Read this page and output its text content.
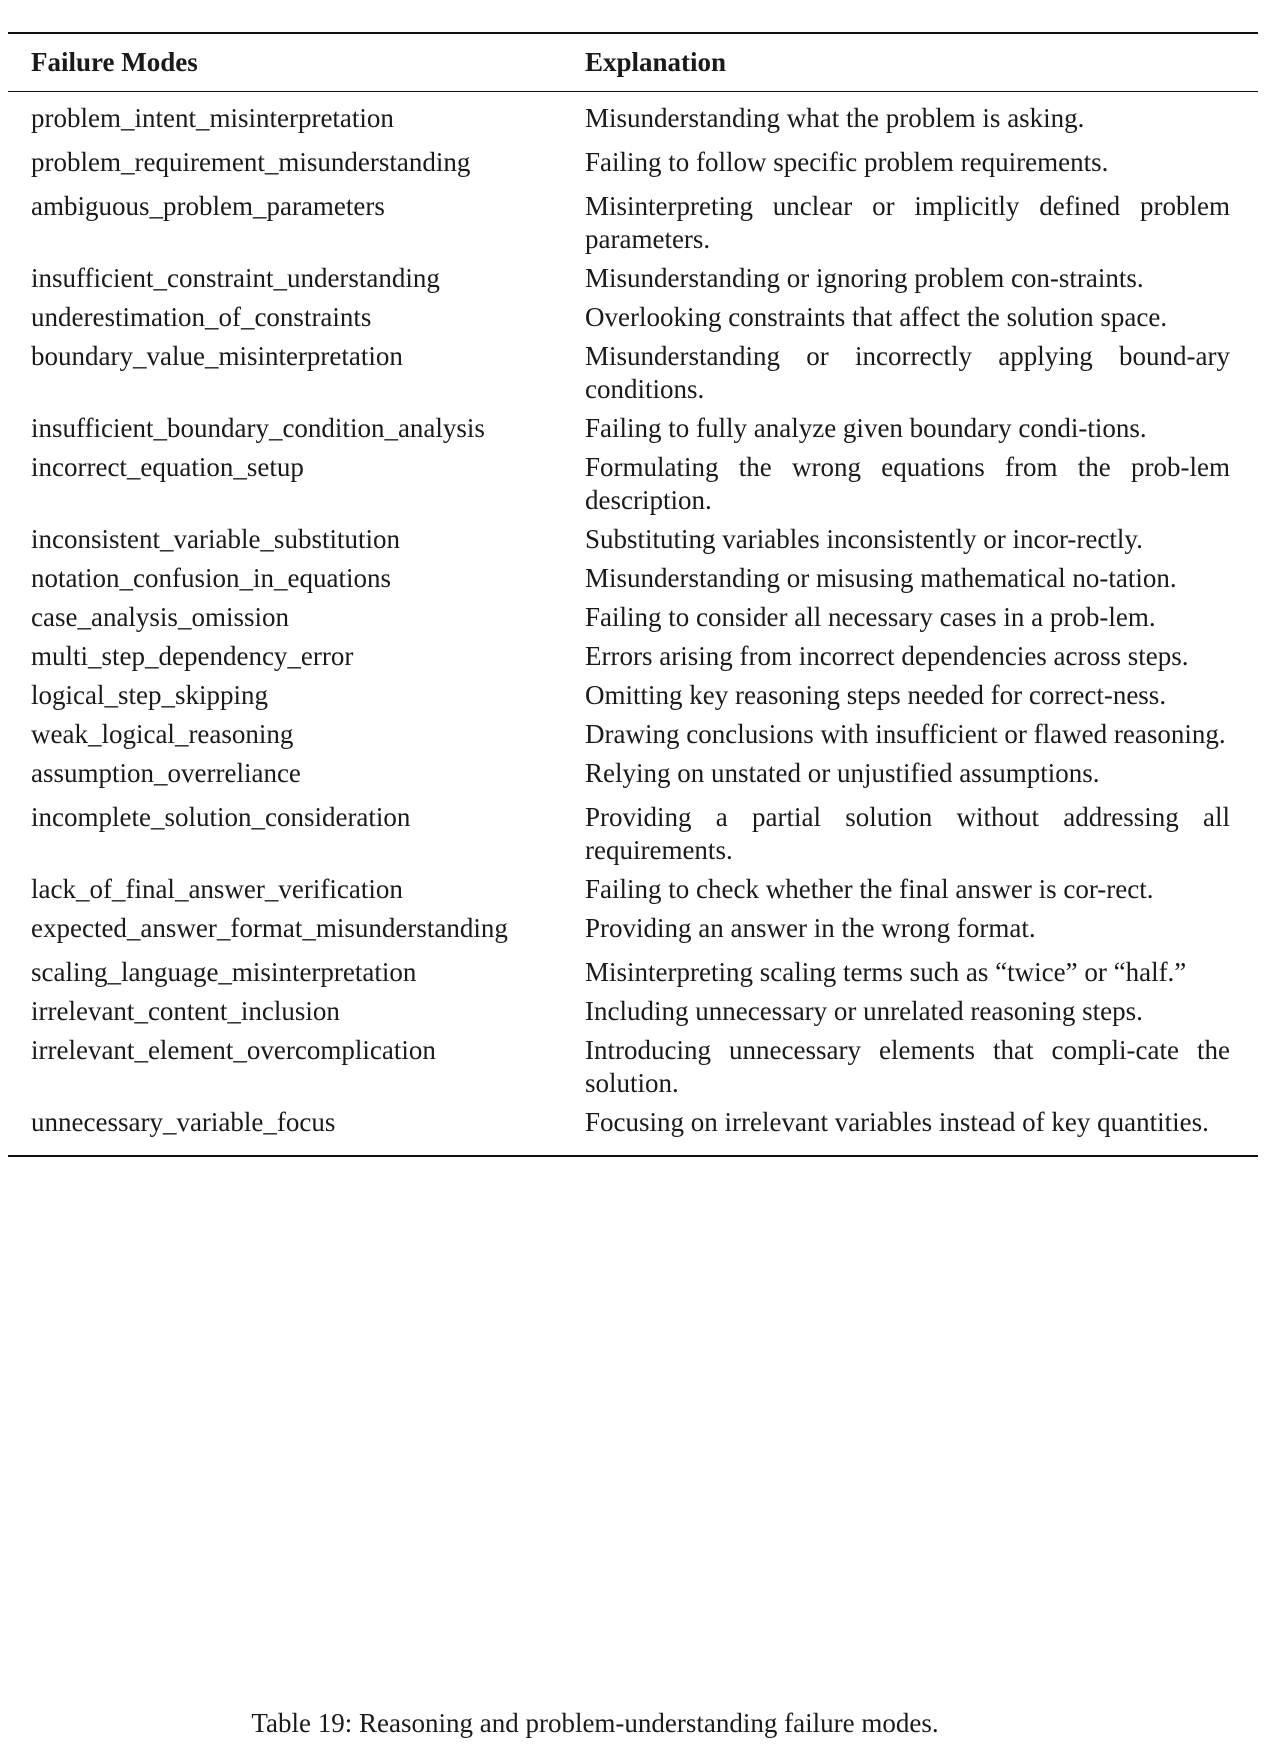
Failure Modes	Explanation
problem_intent_misinterpretation	Misunderstanding what the problem is asking.
problem_requirement_misunderstanding	Failing to follow specific problem requirements.
ambiguous_problem_parameters	Misinterpreting unclear or implicitly defined problem parameters.
insufficient_constraint_understanding	Misunderstanding or ignoring problem con-straints.
underestimation_of_constraints	Overlooking constraints that affect the solution space.
boundary_value_misinterpretation	Misunderstanding or incorrectly applying bound-ary conditions.
insufficient_boundary_condition_analysis	Failing to fully analyze given boundary condi-tions.
incorrect_equation_setup	Formulating the wrong equations from the prob-lem description.
inconsistent_variable_substitution	Substituting variables inconsistently or incor-rectly.
notation_confusion_in_equations	Misunderstanding or misusing mathematical no-tation.
case_analysis_omission	Failing to consider all necessary cases in a prob-lem.
multi_step_dependency_error	Errors arising from incorrect dependencies across steps.
logical_step_skipping	Omitting key reasoning steps needed for correct-ness.
weak_logical_reasoning	Drawing conclusions with insufficient or flawed reasoning.
assumption_overreliance	Relying on unstated or unjustified assumptions.
incomplete_solution_consideration	Providing a partial solution without addressing all requirements.
lack_of_final_answer_verification	Failing to check whether the final answer is cor-rect.
expected_answer_format_misunderstanding	Providing an answer in the wrong format.
scaling_language_misinterpretation	Misinterpreting scaling terms such as “twice” or “half.”
irrelevant_content_inclusion	Including unnecessary or unrelated reasoning steps.
irrelevant_element_overcomplication	Introducing unnecessary elements that compli-cate the solution.
unnecessary_variable_focus	Focusing on irrelevant variables instead of key quantities.
Table 19: Reasoning and problem-understanding failure modes.
